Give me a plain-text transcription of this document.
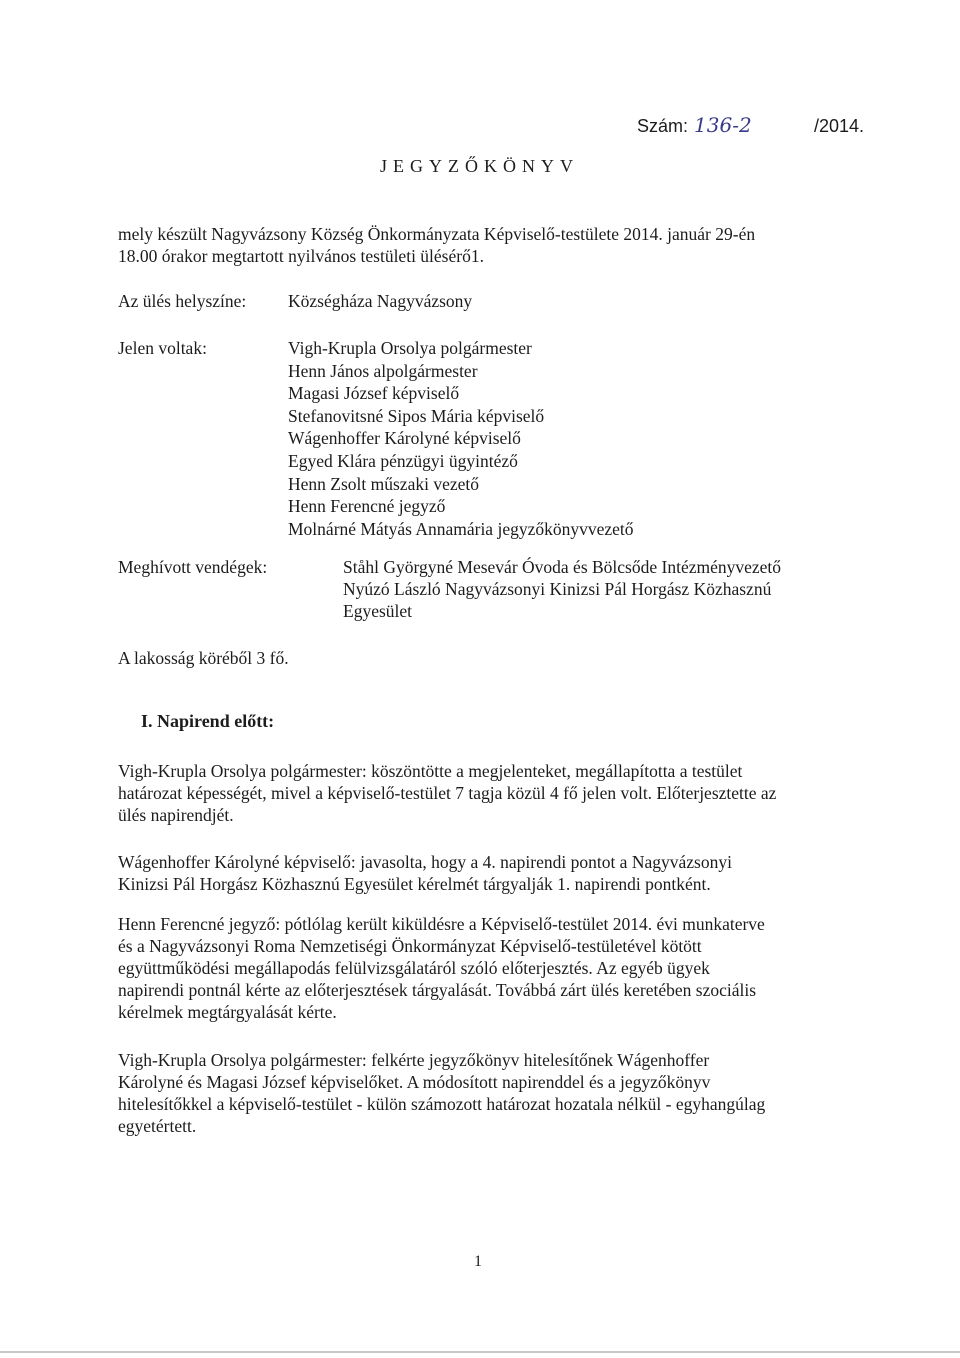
Szám: 136-2	/2014.
JEGYZŐKÖNYV
mely készült Nagyvázsony Község Önkormányzata Képviselő-testülete 2014. január 29-én
18.00 órakor megtartott nyilvános testületi ülésérő1.
Az ülés helyszíne: Községháza Nagyvázsony
Jelen voltak:	Vigh-Krupla Orsolya polgármester
Henn János alpolgármester
Magasi József képviselő
Stefanovitsné Sipos Mária képviselő
Wágenhoffer Károlyné képviselő
Egyed Klára pénzügyi ügyintéző
Henn Zsolt műszaki vezető
Henn Ferencné jegyző
Molnárné Mátyás Annamária jegyzőkönyvvezető
Meghívott vendégek:	Ståhl Györgyné Mesevár Óvoda és Bölcsőde Intézményvezető
Nyúzó László Nagyvázsonyi Kinizsi Pál Horgász Közhasznú
Egyesület
A lakosság köréből 3 fő.
I. Napirend előtt:
Vigh-Krupla Orsolya polgármester: köszöntötte a megjelenteket, megállapította a testület
határozat képességét, mivel a képviselő-testület 7 tagja közül 4 fő jelen volt. Előterjesztette az
ülés napirendjét.
Wágenhoffer Károlyné képviselő: javasolta, hogy a 4. napirendi pontot a Nagyvázsonyi
Kinizsi Pál Horgász Közhasznú Egyesület kérelmét tárgyalják 1. napirendi pontként.
Henn Ferencné jegyző: pótlólag került kiküldésre a Képviselő-testület 2014. évi munkaterve
és a Nagyvázsonyi Roma Nemzetiségi Önkormányzat Képviselő-testületével kötött
együttműködési megállapodás felülvizsgálatáról szóló előterjesztés. Az egyéb ügyek
napirendi pontnál kérte az előterjesztések tárgyalását. Továbbá zárt ülés keretében szociális
kérelmek megtárgyalását kérte.
Vigh-Krupla Orsolya polgármester: felkérte jegyzőkönyv hitelesítőnek Wágenhoffer
Károlyné és Magasi József képviselőket. A módosított napirenddel és a jegyzőkönyv
hitelesítőkkel a képviselő-testület - külön számozott határozat hozatala nélkül - egyhangúlag
egyetértett.
1
